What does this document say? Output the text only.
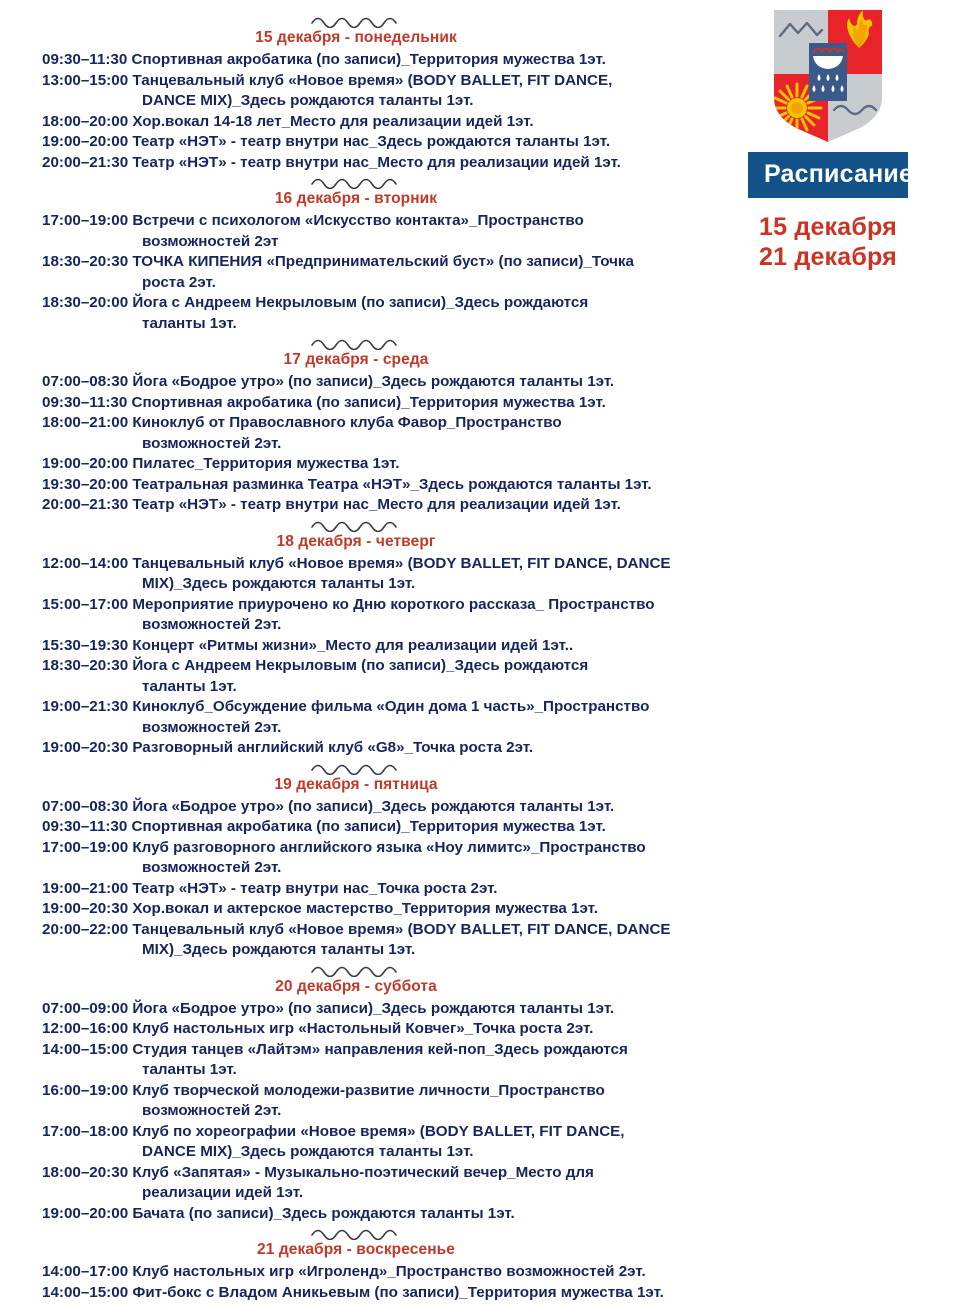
15 декабря - понедельник
09:30–11:30 Спортивная акробатика (по записи)_Территория мужества 1эт.
13:00–15:00 Танцевальный клуб «Новое время» (BODY BALLET, FIT DANCE,
DANCE MIX)_Здесь рождаются таланты 1эт.
18:00–20:00 Хор.вокал 14-18 лет_Место для реализации идей 1эт.
19:00–20:00 Театр «НЭТ» - театр внутри нас_Здесь рождаются таланты 1эт.
20:00–21:30 Театр «НЭТ» - театр внутри нас_Место для реализации идей 1эт.
16 декабря - вторник
17:00–19:00 Встречи с психологом «Искусство контакта»_Пространство
возможностей 2эт
18:30–20:30 ТОЧКА КИПЕНИЯ «Предпринимательский буст» (по записи)_Точка
роста 2эт.
18:30–20:00 Йога с Андреем Некрыловым (по записи)_Здесь рождаются
таланты 1эт.
17 декабря - среда
07:00–08:30 Йога «Бодрое утро» (по записи)_Здесь рождаются таланты 1эт.
09:30–11:30 Спортивная акробатика (по записи)_Территория мужества 1эт.
18:00–21:00 Киноклуб от Православного клуба Фавор_Пространство
возможностей 2эт.
19:00–20:00 Пилатес_Территория мужества 1эт.
19:30–20:00 Театральная разминка Театра «НЭТ»_Здесь рождаются таланты 1эт.
20:00–21:30 Театр «НЭТ» - театр внутри нас_Место для реализации идей 1эт.
18 декабря - четверг
12:00–14:00 Танцевальный клуб «Новое время» (BODY BALLET, FIT DANCE, DANCE
MIX)_Здесь рождаются таланты 1эт.
15:00–17:00 Мероприятие приурочено ко Дню короткого рассказа_ Пространство
возможностей 2эт.
15:30–19:30 Концерт «Ритмы жизни»_Место для реализации идей 1эт..
18:30–20:30 Йога с Андреем Некрыловым (по записи)_Здесь рождаются
таланты 1эт.
19:00–21:30 Киноклуб_Обсуждение фильма «Один дома 1 часть»_Пространство
возможностей 2эт.
19:00–20:30 Разговорный английский клуб «G8»_Точка роста 2эт.
19 декабря - пятница
07:00–08:30 Йога «Бодрое утро» (по записи)_Здесь рождаются таланты 1эт.
09:30–11:30 Спортивная акробатика (по записи)_Территория мужества 1эт.
17:00–19:00 Клуб разговорного английского языка «Ноу лимитс»_Пространство
возможностей 2эт.
19:00–21:00 Театр «НЭТ» - театр внутри нас_Точка роста 2эт.
19:00–20:30 Хор.вокал и актерское мастерство_Территория мужества 1эт.
20:00–22:00 Танцевальный клуб «Новое время» (BODY BALLET, FIT DANCE, DANCE
MIX)_Здесь рождаются таланты 1эт.
20 декабря - суббота
07:00–09:00 Йога «Бодрое утро» (по записи)_Здесь рождаются таланты 1эт.
12:00–16:00 Клуб настольных игр «Настольный Ковчег»_Точка роста 2эт.
14:00–15:00 Студия танцев «Лайтэм» направления кей-поп_Здесь рождаются
таланты 1эт.
16:00–19:00 Клуб творческой молодежи-развитие личности_Пространство
возможностей 2эт.
17:00–18:00 Клуб по хореографии «Новое время» (BODY BALLET, FIT DANCE,
DANCE MIX)_Здесь рождаются таланты 1эт.
18:00–20:30 Клуб «Запятая» - Музыкально-поэтический вечер_Место для
реализации идей 1эт.
19:00–20:00 Бачата (по записи)_Здесь рождаются таланты 1эт.
21 декабря - воскресенье
14:00–17:00 Клуб настольных игр «Игроленд»_Пространство возможностей 2эт.
14:00–15:00 Фит-бокс с Владом Аникьевым (по записи)_Территория мужества 1эт.
Расписание
15 декабря
21 декабря
